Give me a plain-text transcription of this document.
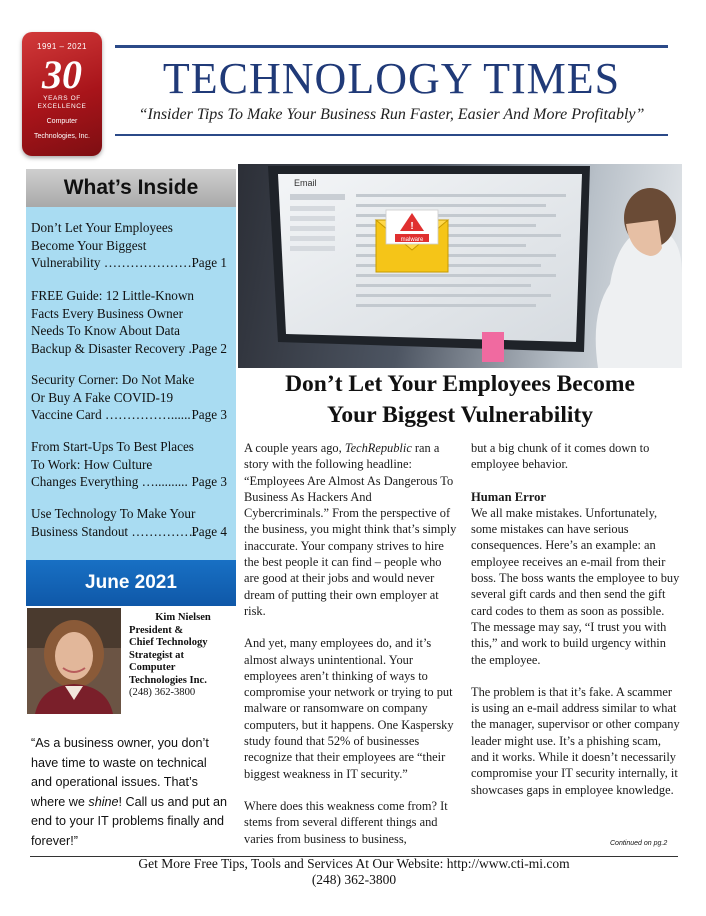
1991 – 2021
30
YEARS OF
EXCELLENCE
Computer
Technologies, Inc.
TECHNOLOGY TIMES
“Insider Tips To Make Your Business Run Faster, Easier And More Profitably”
What’s Inside
Don’t Let Your Employees
Become Your Biggest
Vulnerability …………………
Page 1
FREE Guide: 12 Little-Known
Facts Every Business Owner
Needs To Know About Data
Backup & Disaster Recovery ..
Page 2
Security Corner: Do Not Make
Or Buy A Fake COVID-19
Vaccine Card ……………...... Page 3
From Start-Ups To Best Places
To Work: How Culture
Changes Everything ….......... Page 3
Use Technology To Make Your
Business Standout ……………
Page 4
June 2021
Kim Nielsen
President &
Chief Technology
Strategist at
Computer
Technologies Inc.
(248) 362-3800
“As a business owner, you don’t have time to waste on technical and operational issues. That’s where we shine! Call us and put an end to your IT problems finally and forever!”
Email
!
malware
Don’t Let Your Employees Become
Your Biggest Vulnerability

A couple years ago, TechRepublic ran a story with the following headline: “Employees Are Almost As Dangerous To Business As Hackers And Cybercriminals.” From the perspective of the business, you might think that’s simply inaccurate. Your company strives to hire the best people it can find – people who are good at their jobs and would never dream of putting their own employer at risk.

And yet, many employees do, and it’s almost always unintentional. Your employees aren’t thinking of ways to compromise your network or trying to put malware or ransomware on company computers, but it happens. One Kaspersky study found that 52% of businesses recognize that their employees are “their biggest weakness in IT security.”

Where does this weakness come from? It stems from several different things and varies from business to business,

but a big chunk of it comes down to employee behavior.

Human Error

We all make mistakes. Unfortunately, some mistakes can have serious consequences. Here’s an example: an employee receives an e-mail from their boss. The boss wants the employee to buy several gift cards and then send the gift card codes to them as soon as possible. The message may say, “I trust you with this,” and work to build urgency within the employee.

The problem is that it’s fake. A scammer is using an e-mail address similar to what the manager, supervisor or other company leader might use. It’s a phishing scam, and it works. While it doesn’t necessarily compromise your IT security internally, it showcases gaps in employee knowledge.

Continued on pg.2
Get More Free Tips, Tools and Services At Our Website: http://www.cti-mi.com
(248) 362-3800
